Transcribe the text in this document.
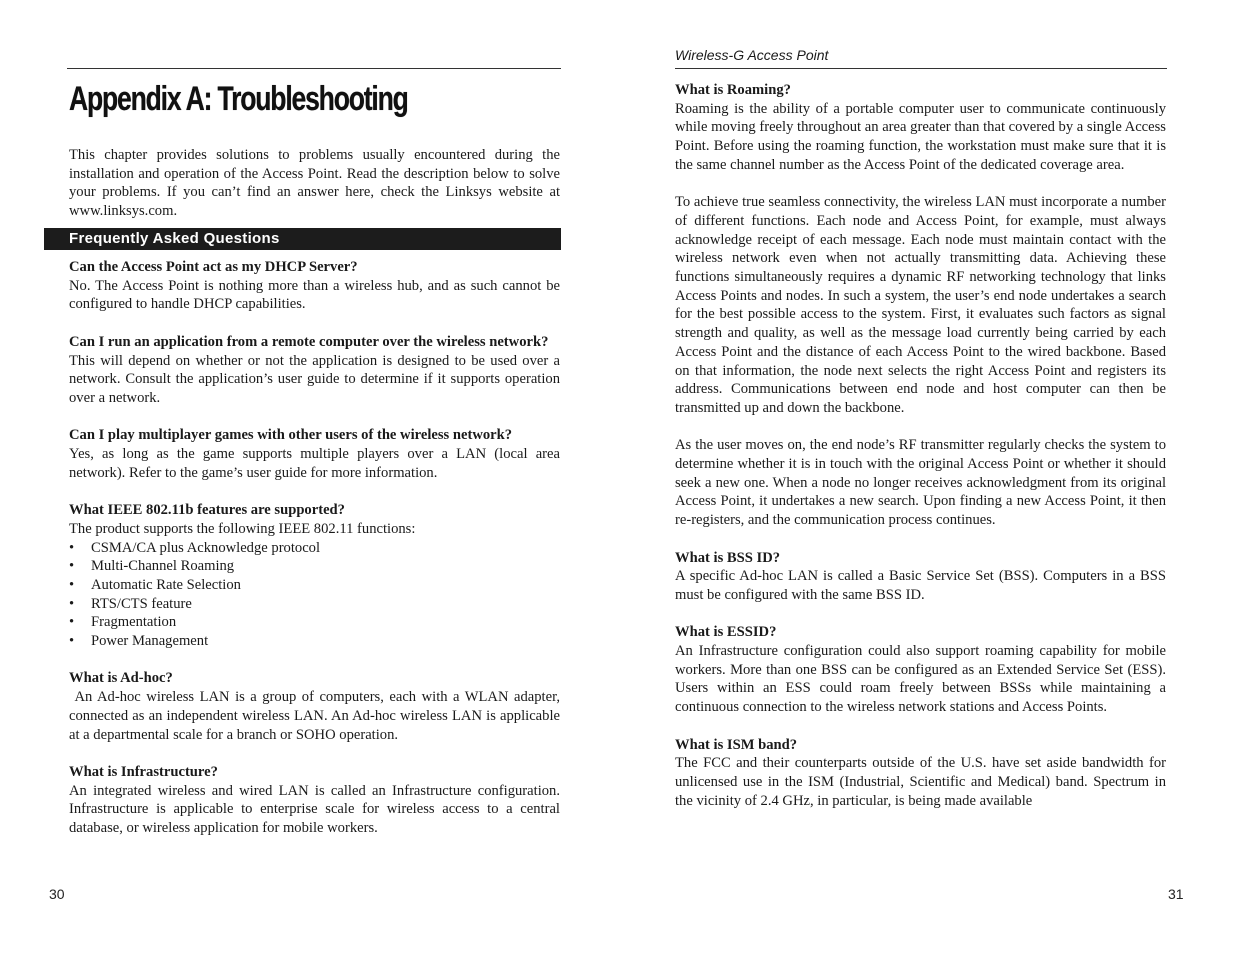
Appendix A: Troubleshooting

This chapter provides solutions to problems usually encountered during the installation and operation of the Access Point. Read the description below to solve your problems. If you can’t find an answer here, check the Linksys website at www.linksys.com.

Frequently Asked Questions

Can the Access Point act as my DHCP Server?

No. The Access Point is nothing more than a wireless hub, and as such cannot be configured to handle DHCP capabilities.

Can I run an application from a remote computer over the wireless network?

This will depend on whether or not the application is designed to be used over a network. Consult the application’s user guide to determine if it supports operation over a network.

Can I play multiplayer games with other users of the wireless network?

Yes, as long as the game supports multiple players over a LAN (local area network). Refer to the game’s user guide for more information.

What IEEE 802.11b features are supported?

The product supports the following IEEE 802.11 functions:

• CSMA/CA plus Acknowledge protocol
• Multi-Channel Roaming
• Automatic Rate Selection
• RTS/CTS feature
• Fragmentation
• Power Management

What is Ad-hoc?

An Ad-hoc wireless LAN is a group of computers, each with a WLAN adapter, connected as an independent wireless LAN. An Ad-hoc wireless LAN is applicable at a departmental scale for a branch or SOHO operation.

What is Infrastructure?

An integrated wireless and wired LAN is called an Infrastructure configuration. Infrastructure is applicable to enterprise scale for wireless access to a central database, or wireless application for mobile workers.

30
Wireless-G Access Point

What is Roaming?

Roaming is the ability of a portable computer user to communicate continuously while moving freely throughout an area greater than that covered by a single Access Point. Before using the roaming function, the workstation must make sure that it is the same channel number as the Access Point of the dedicated coverage area.

To achieve true seamless connectivity, the wireless LAN must incorporate a number of different functions. Each node and Access Point, for example, must always acknowledge receipt of each message. Each node must maintain contact with the wireless network even when not actually transmitting data. Achieving these functions simultaneously requires a dynamic RF networking technology that links Access Points and nodes. In such a system, the user’s end node undertakes a search for the best possible access to the system. First, it evaluates such factors as signal strength and quality, as well as the message load currently being carried by each Access Point and the distance of each Access Point to the wired backbone. Based on that information, the node next selects the right Access Point and registers its address. Communications between end node and host computer can then be transmitted up and down the backbone.

As the user moves on, the end node’s RF transmitter regularly checks the system to determine whether it is in touch with the original Access Point or whether it should seek a new one. When a node no longer receives acknowledgment from its original Access Point, it undertakes a new search. Upon finding a new Access Point, it then re-registers, and the communication process continues.

What is BSS ID?

A specific Ad-hoc LAN is called a Basic Service Set (BSS). Computers in a BSS must be configured with the same BSS ID.

What is ESSID?

An Infrastructure configuration could also support roaming capability for mobile workers. More than one BSS can be configured as an Extended Service Set (ESS). Users within an ESS could roam freely between BSSs while maintaining a continuous connection to the wireless network stations and Access Points.

What is ISM band?

The FCC and their counterparts outside of the U.S. have set aside bandwidth for unlicensed use in the ISM (Industrial, Scientific and Medical) band. Spectrum in the vicinity of 2.4 GHz, in particular, is being made available

31
